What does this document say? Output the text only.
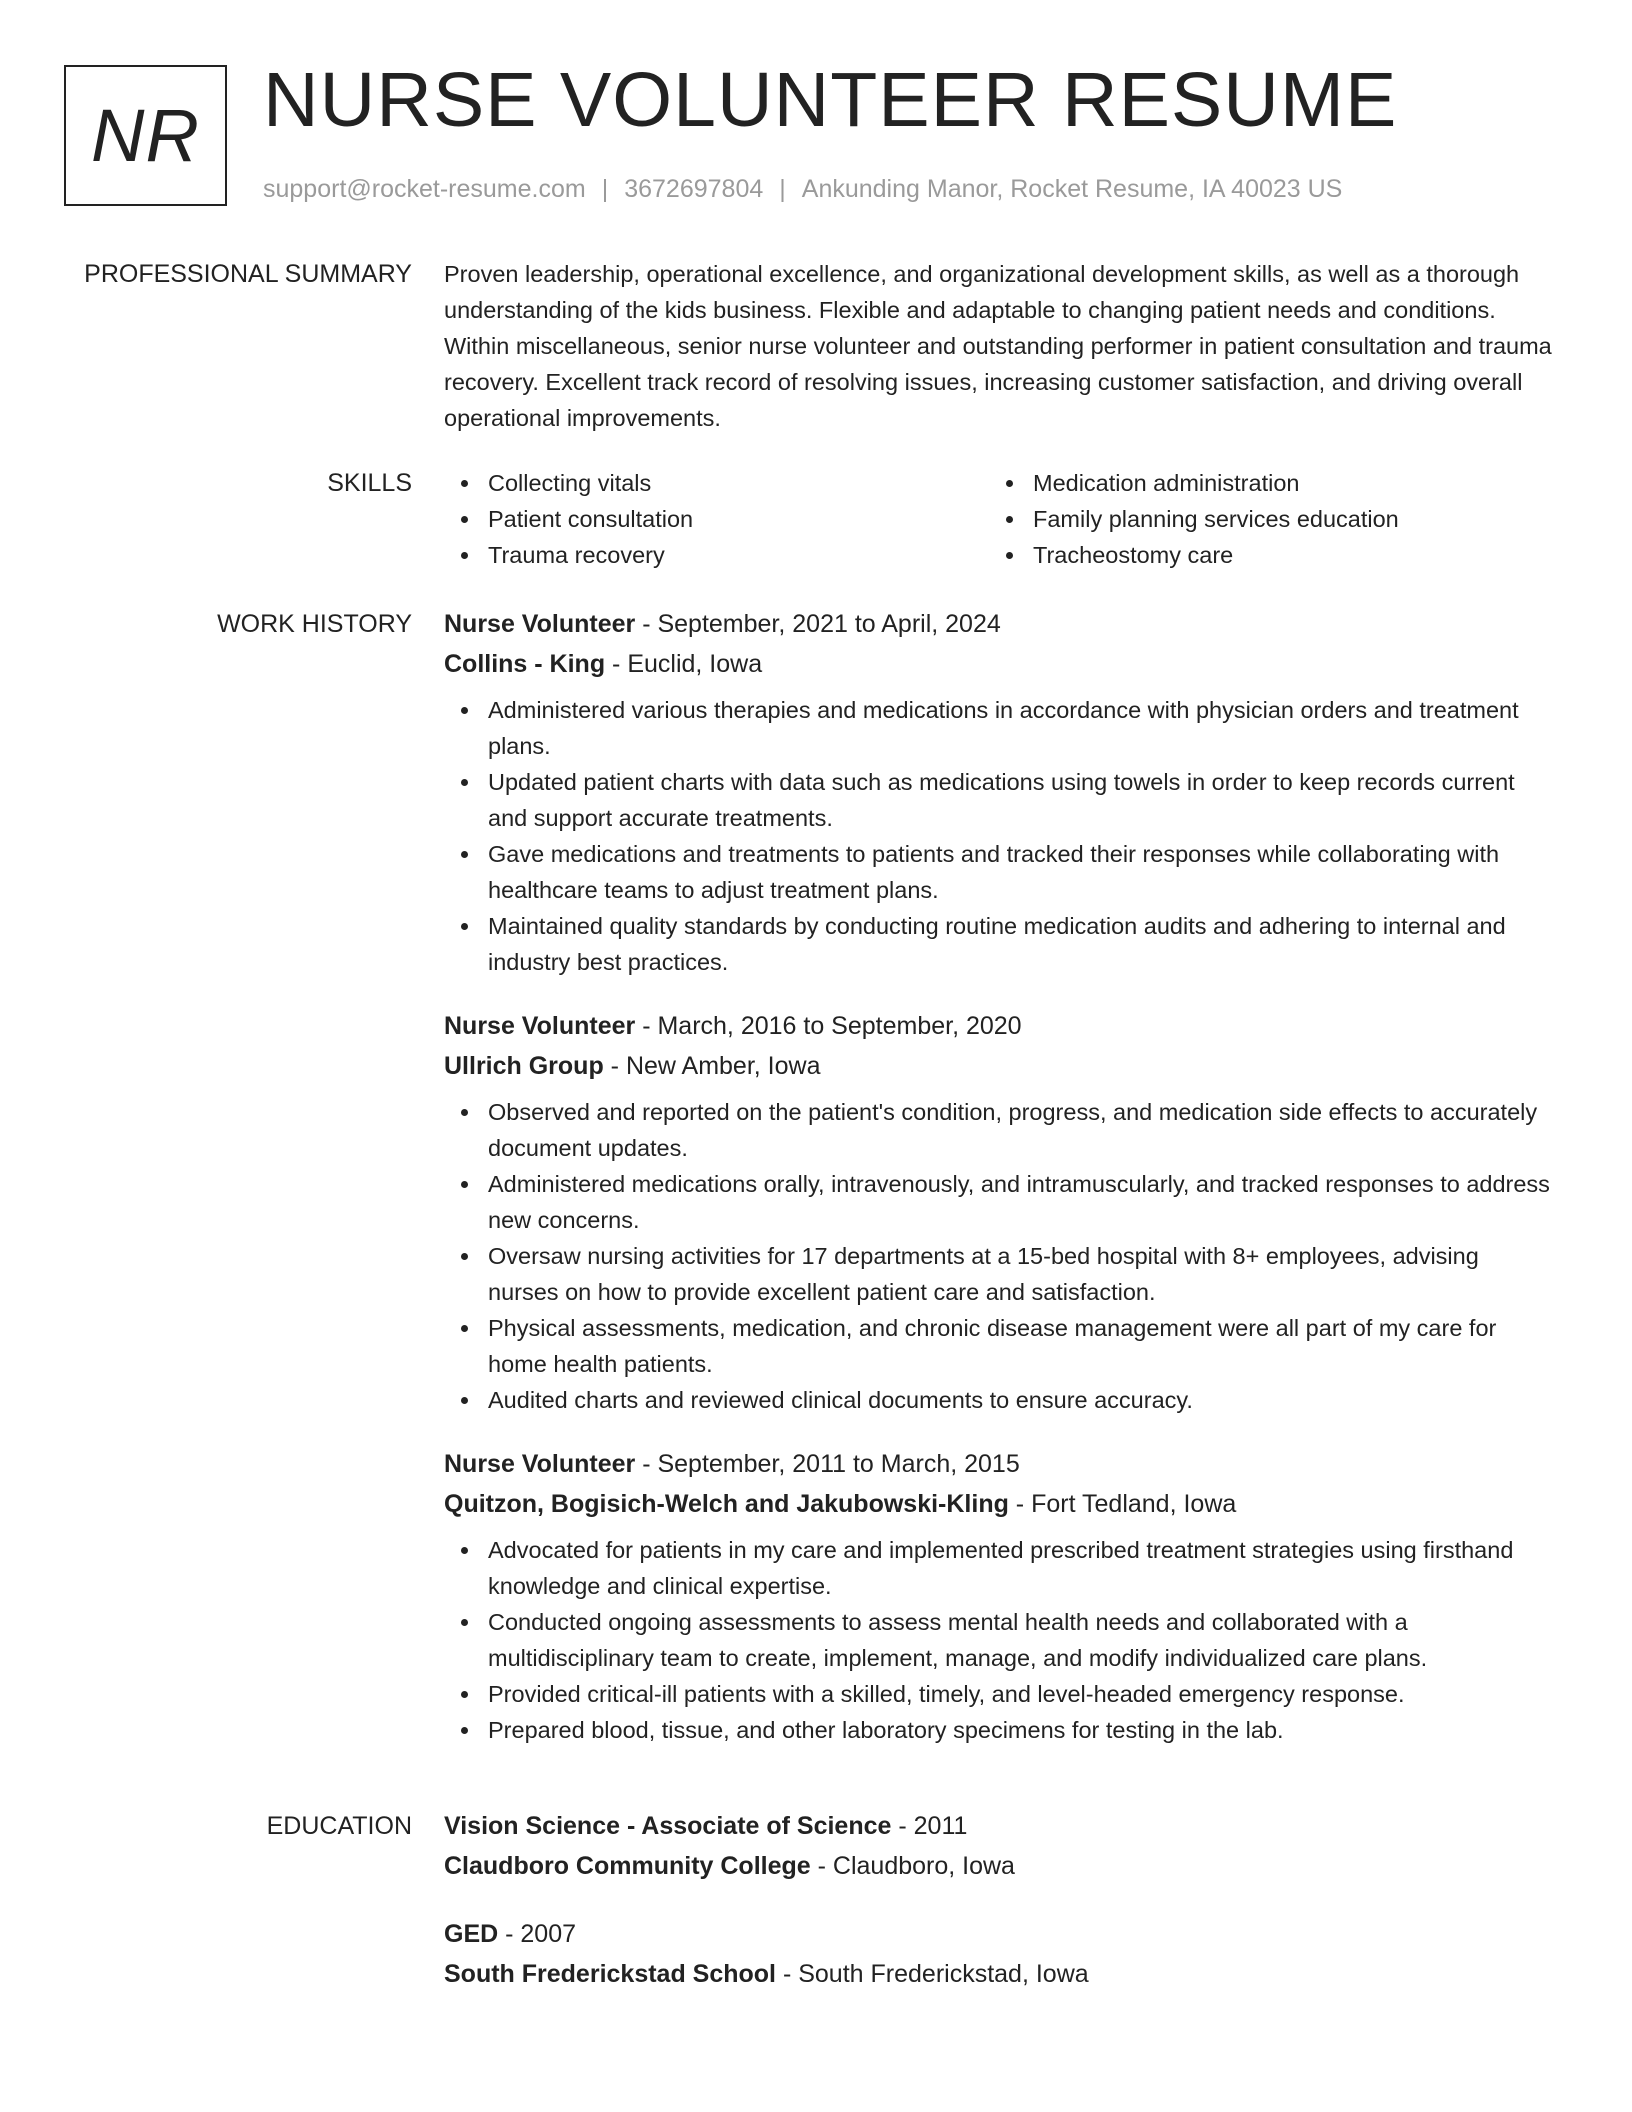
NR NURSE VOLUNTEER RESUME
support@rocket-resume.com | 3672697804 | Ankunding Manor, Rocket Resume, IA 40023 US
PROFESSIONAL SUMMARY Proven leadership, operational excellence, and organizational development skills, as well as a thorough understanding of the kids business. Flexible and adaptable to changing patient needs and conditions. Within miscellaneous, senior nurse volunteer and outstanding performer in patient consultation and trauma recovery. Excellent track record of resolving issues, increasing customer satisfaction, and driving overall operational improvements.

SKILLS	Collecting vitals
Patient consultation
Trauma recovery
Medication administration
Family planning services education
Tracheostomy care
WORK HISTORY Nurse Volunteer - September, 2021 to April, 2024
Collins - King - Euclid, Iowa
Administered various therapies and medications in accordance with physician orders and treatment plans.
Updated patient charts with data such as medications using towels in order to keep records current and support accurate treatments.
Gave medications and treatments to patients and tracked their responses while collaborating with healthcare teams to adjust treatment plans.
Maintained quality standards by conducting routine medication audits and adhering to internal and industry best practices.
Nurse Volunteer - March, 2016 to September, 2020
Ullrich Group - New Amber, Iowa
Observed and reported on the patient's condition, progress, and medication side effects to accurately document updates.
Administered medications orally, intravenously, and intramuscularly, and tracked responses to address new concerns.
Oversaw nursing activities for 17 departments at a 15-bed hospital with 8+ employees, advising nurses on how to provide excellent patient care and satisfaction.
Physical assessments, medication, and chronic disease management were all part of my care for home health patients.
Audited charts and reviewed clinical documents to ensure accuracy.
Nurse Volunteer - September, 2011 to March, 2015
Quitzon, Bogisich-Welch and Jakubowski-Kling - Fort Tedland, Iowa
Advocated for patients in my care and implemented prescribed treatment strategies using firsthand knowledge and clinical expertise.
Conducted ongoing assessments to assess mental health needs and collaborated with a multidisciplinary team to create, implement, manage, and modify individualized care plans.
Provided critical-ill patients with a skilled, timely, and level-headed emergency response.
Prepared blood, tissue, and other laboratory specimens for testing in the lab.
EDUCATION Vision Science - Associate of Science - 2011
Claudboro Community College - Claudboro, Iowa
GED - 2007
South Frederickstad School - South Frederickstad, Iowa
